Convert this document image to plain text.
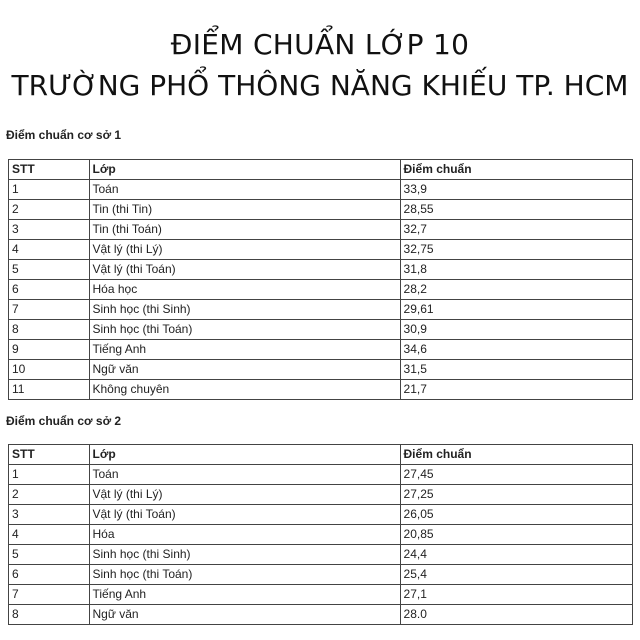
ĐIỂM CHUẨN LỚP 10
TRƯỜNG PHỔ THÔNG NĂNG KHIẾU TP. HCM

Điểm chuẩn cơ sở 1

STT	Lớp	Điểm chuẩn
1	Toán	33,9
2	Tin (thi Tin)	28,55
3	Tin (thi Toán)	32,7
4	Vật lý (thi Lý)	32,75
5	Vật lý (thi Toán)	31,8
6	Hóa học	28,2
7	Sinh học (thi Sinh)	29,61
8	Sinh học (thi Toán)	30,9
9	Tiếng Anh	34,6
10	Ngữ văn	31,5
11	Không chuyên	21,7

Điểm chuẩn cơ sở 2

STT	Lớp	Điểm chuẩn
1	Toán	27,45
2	Vật lý (thi Lý)	27,25
3	Vật lý (thi Toán)	26,05
4	Hóa	20,85
5	Sinh học (thi Sinh)	24,4
6	Sinh học (thi Toán)	25,4
7	Tiếng Anh	27,1
8	Ngữ văn	28.0
